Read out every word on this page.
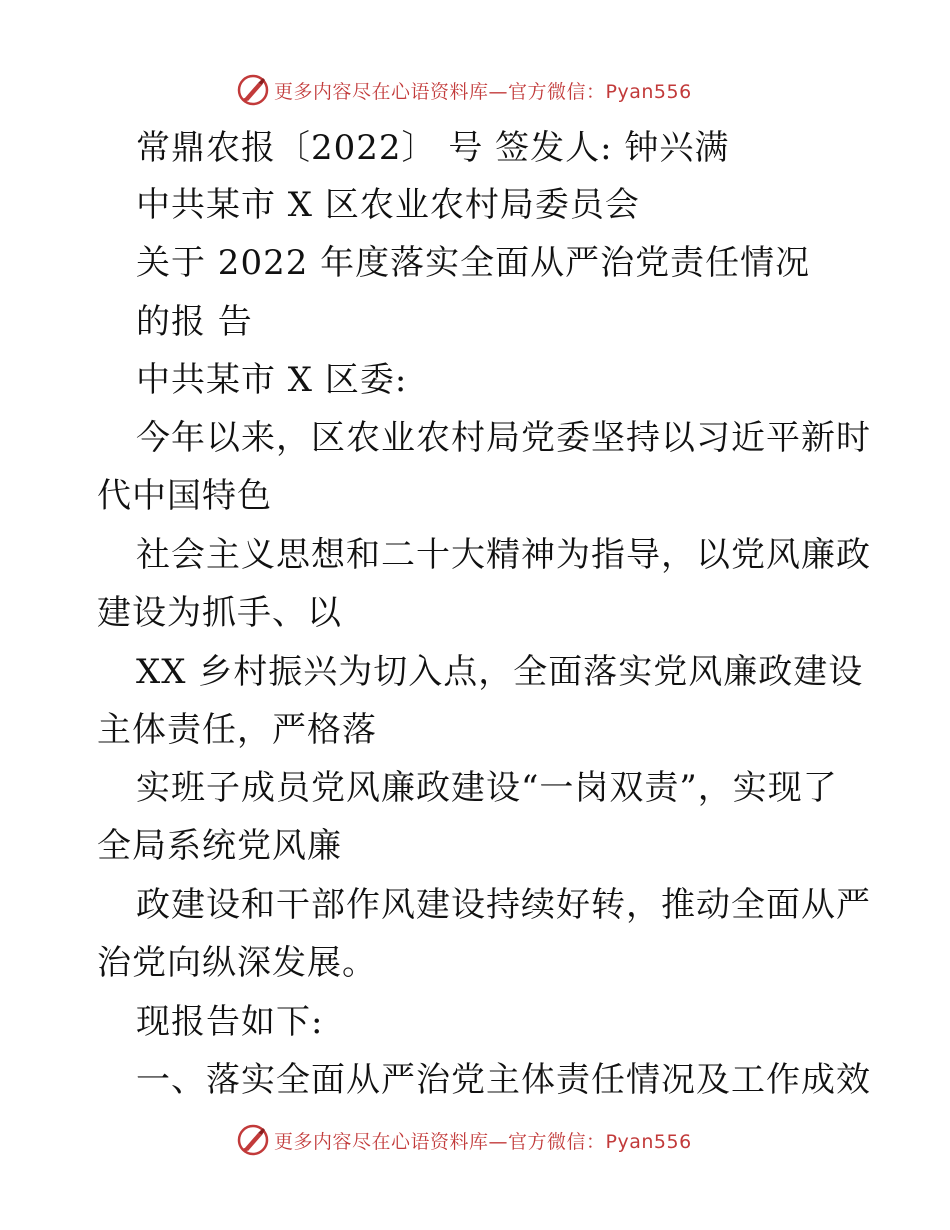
更多内容尽在心语资料库—官方微信：Pyan556
常鼎农报〔2022〕 号 签发人: 钟兴满
中共某市 X 区农业农村局委员会
关于 2022 年度落实全面从严治党责任情况
的报 告
中共某市 X 区委:
今年以来，区农业农村局党委坚持以习近平新时
代中国特色
社会主义思想和二十大精神为指导，以党风廉政
建设为抓手、以
XX 乡村振兴为切入点，全面落实党风廉政建设
主体责任，严格落
实班子成员党风廉政建设“一岗双责”，实现了
全局系统党风廉
政建设和干部作风建设持续好转，推动全面从严
治党向纵深发展。
现报告如下:
一、落实全面从严治党主体责任情况及工作成效
更多内容尽在心语资料库—官方微信：Pyan556
